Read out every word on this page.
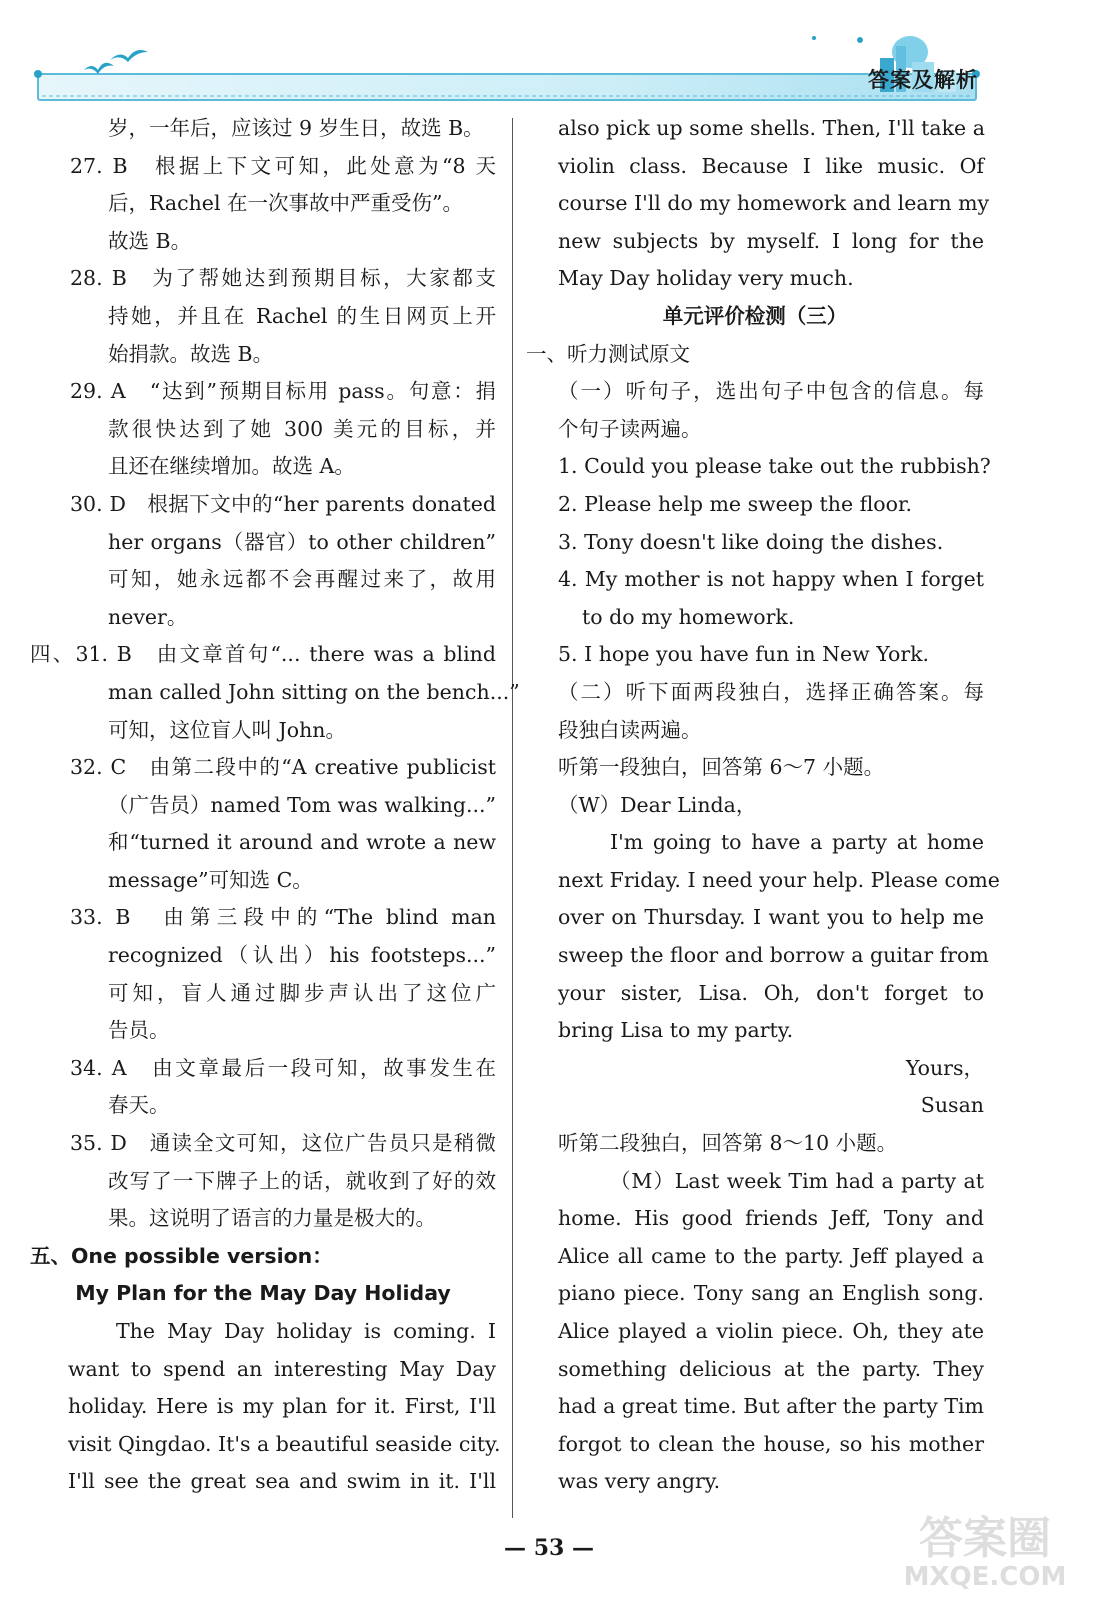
答案及解析
岁，一年后，应该过 9 岁生日，故选 B。
27. B　根据上下文可知，此处意为“8 天
后，Rachel 在一次事故中严重受伤”。
故选 B。
28. B　为了帮她达到预期目标，大家都支
持她，并且在 Rachel 的生日网页上开
始捐款。故选 B。
29. A　“达到”预期目标用 pass。句意：捐
款很快达到了她 300 美元的目标，并
且还在继续增加。故选 A。
30. D　根据下文中的“her parents donated
her organs（器官）to other children”
可知，她永远都不会再醒过来了，故用
never。
四、31. B　由文章首句“... there was a blind
man called John sitting on the bench...”
可知，这位盲人叫 John。
32. C　由第二段中的“A creative publicist
（广告员）named Tom was walking...”
和“turned it around and wrote a new
message”可知选 C。
33. B　由第三段中的“The blind man
recognized（认出）his footsteps...”
可知，盲人通过脚步声认出了这位广
告员。
34. A　由文章最后一段可知，故事发生在
春天。
35. D　通读全文可知，这位广告员只是稍微
改写了一下牌子上的话，就收到了好的效
果。这说明了语言的力量是极大的。
五、One possible version：
My Plan for the May Day Holiday
The May Day holiday is coming. I
want to spend an interesting May Day
holiday. Here is my plan for it. First, I'll
visit Qingdao. It's a beautiful seaside city.
I'll see the great sea and swim in it. I'll
also pick up some shells. Then, I'll take a
violin class. Because I like music. Of
course I'll do my homework and learn my
new subjects by myself. I long for the
May Day holiday very much.
单元评价检测（三）
一、听力测试原文
（一）听句子，选出句子中包含的信息。每
个句子读两遍。
1. Could you please take out the rubbish?
2. Please help me sweep the floor.
3. Tony doesn't like doing the dishes.
4. My mother is not happy when I forget
to do my homework.
5. I hope you have fun in New York.
（二）听下面两段独白，选择正确答案。每
段独白读两遍。
听第一段独白，回答第 6～7 小题。
（W）Dear Linda，
I'm going to have a party at home
next Friday. I need your help. Please come
over on Thursday. I want you to help me
sweep the floor and borrow a guitar from
your sister, Lisa. Oh, don't forget to
bring Lisa to my party.
Yours，
Susan
听第二段独白，回答第 8～10 小题。
（M）Last week Tim had a party at
home. His good friends Jeff, Tony and
Alice all came to the party. Jeff played a
piano piece. Tony sang an English song.
Alice played a violin piece. Oh, they ate
something delicious at the party. They
had a great time. But after the party Tim
forgot to clean the house, so his mother
was very angry.
— 53 —	答案圈
MXQE.COM
